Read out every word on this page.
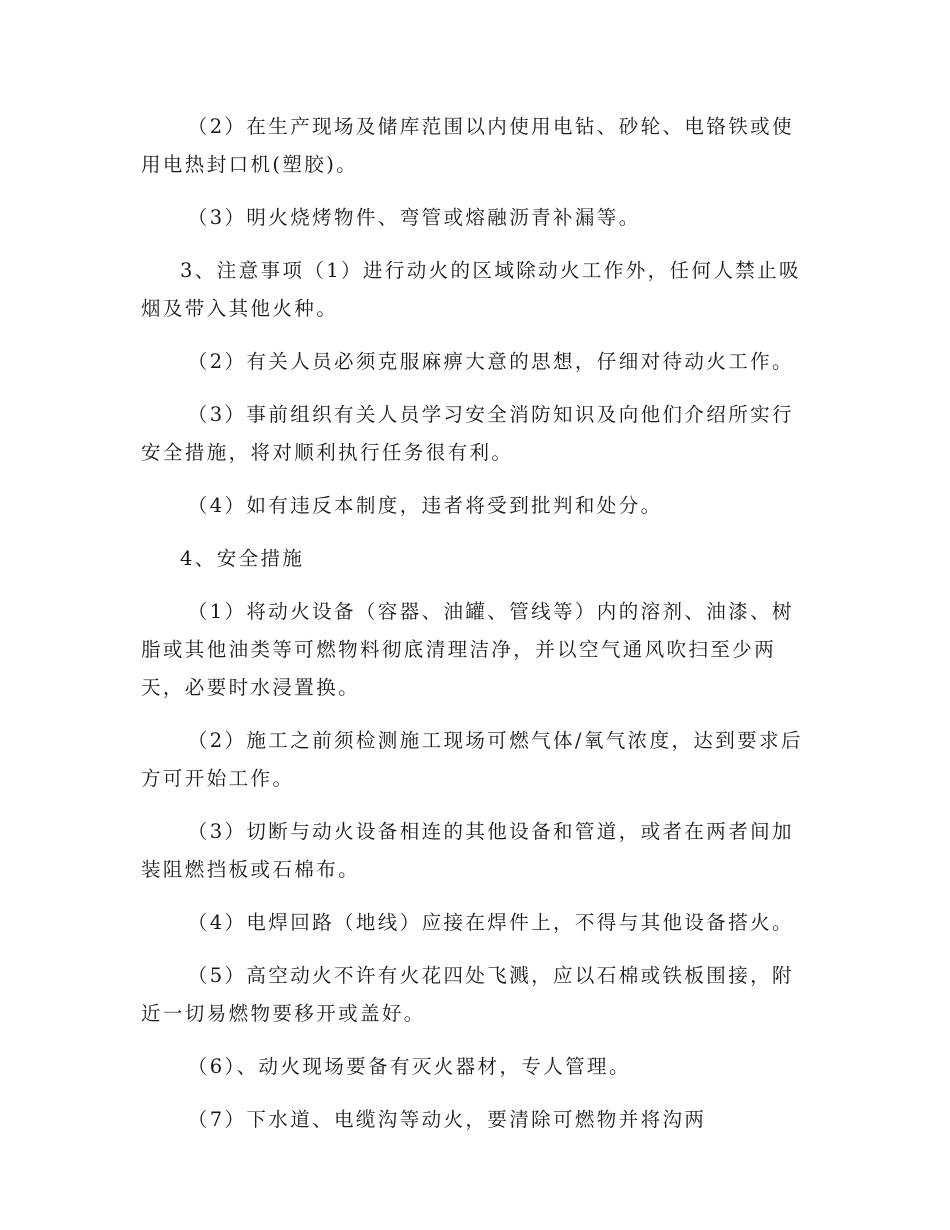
（2）在生产现场及储库范围以内使用电钻、砂轮、电铬铁或使用电热封口机(塑胶)。

（3）明火烧烤物件、弯管或熔融沥青补漏等。

3、注意事项（1）进行动火的区域除动火工作外，任何人禁止吸烟及带入其他火种。

（2）有关人员必须克服麻痹大意的思想，仔细对待动火工作。

（3）事前组织有关人员学习安全消防知识及向他们介绍所实行安全措施，将对顺利执行任务很有利。

（4）如有违反本制度，违者将受到批判和处分。

4、安全措施

（1）将动火设备（容器、油罐、管线等）内的溶剂、油漆、树脂或其他油类等可燃物料彻底清理洁净，并以空气通风吹扫至少两天，必要时水浸置换。

（2）施工之前须检测施工现场可燃气体/氧气浓度，达到要求后方可开始工作。

（3）切断与动火设备相连的其他设备和管道，或者在两者间加装阻燃挡板或石棉布。

（4）电焊回路（地线）应接在焊件上，不得与其他设备搭火。

（5）高空动火不许有火花四处飞溅，应以石棉或铁板围接，附近一切易燃物要移开或盖好。

（6）、动火现场要备有灭火器材，专人管理。

（7）下水道、电缆沟等动火，要清除可燃物并将沟两
